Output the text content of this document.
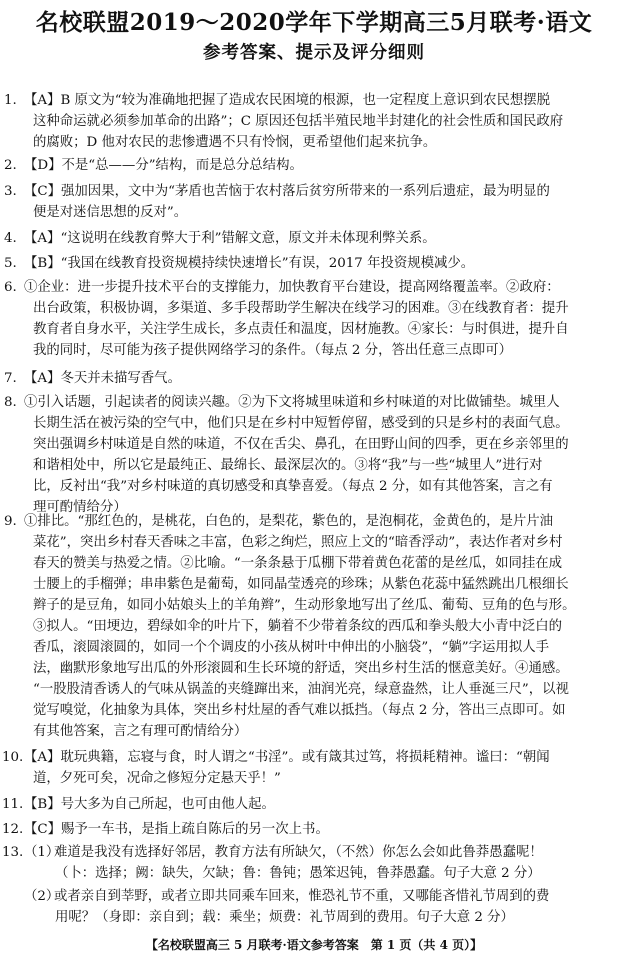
名校联盟2019～2020学年下学期高三5月联考·语文
参考答案、提示及评分细则
1. 【A】B 原文为“较为准确地把握了造成农民困境的根源，也一定程度上意识到农民想摆脱
这种命运就必须参加革命的出路”；C 原因还包括半殖民地半封建化的社会性质和国民政府
的腐败；D 他对农民的悲惨遭遇不只有怜悯，更希望他们起来抗争。
2. 【D】不是“总——分”结构，而是总分总结构。
3. 【C】强加因果，文中为“茅盾也苦恼于农村落后贫穷所带来的一系列后遗症，最为明显的
便是对迷信思想的反对”。
4. 【A】“这说明在线教育弊大于利”错解文意，原文并未体现利弊关系。
5. 【B】“我国在线教育投资规模持续快速增长”有误，2017 年投资规模减少。
6. ①企业：进一步提升技术平台的支撑能力，加快教育平台建设，提高网络覆盖率。②政府：
出台政策，积极协调，多渠道、多手段帮助学生解决在线学习的困难。③在线教育者：提升
教育者自身水平，关注学生成长，多点责任和温度，因材施教。④家长：与时俱进，提升自
我的同时，尽可能为孩子提供网络学习的条件。（每点 2 分，答出任意三点即可）
7. 【A】冬天并未描写香气。
8. ①引入话题，引起读者的阅读兴趣。②为下文将城里味道和乡村味道的对比做铺垫。城里人
长期生活在被污染的空气中，他们只是在乡村中短暂停留，感受到的只是乡村的表面气息。
突出强调乡村味道是自然的味道，不仅在舌尖、鼻孔，在田野山间的四季，更在乡亲邻里的
和谐相处中，所以它是最纯正、最绵长、最深层次的。③将“我”与一些“城里人”进行对
比，反衬出“我”对乡村味道的真切感受和真挚喜爱。（每点 2 分，如有其他答案，言之有
理可酌情给分）
9. ①排比。“那红色的，是桃花，白色的，是梨花，紫色的，是泡桐花，金黄色的，是片片油
菜花”，突出乡村春天香味之丰富，色彩之绚烂，照应上文的“暗香浮动”，表达作者对乡村
春天的赞美与热爱之情。②比喻。“一条条悬于瓜棚下带着黄色花蕾的是丝瓜，如同挂在成
士腰上的手榴弹；串串紫色是葡萄，如同晶莹透亮的珍珠；从紫色花蕊中猛然跳出几根细长
辫子的是豆角，如同小姑娘头上的羊角辫”，生动形象地写出了丝瓜、葡萄、豆角的色与形。
③拟人。“田埂边，碧绿如伞的叶片下，躺着不少带着条纹的西瓜和拳头般大小青中泛白的
香瓜，滚圆滚圆的，如同一个个调皮的小孩从树叶中伸出的小脑袋”，“躺”字运用拟人手
法，幽默形象地写出瓜的外形滚圆和生长环境的舒适，突出乡村生活的惬意美好。④通感。
“一股股清香诱人的气味从锅盖的夹缝蹿出来，油润光亮，绿意盎然，让人垂涎三尺”，以视
觉写嗅觉，化抽象为具体，突出乡村灶屋的香气难以抵挡。（每点 2 分，答出三点即可。如
有其他答案，言之有理可酌情给分）
10. 【A】耽玩典籍，忘寝与食，时人谓之“书淫”。或有箴其过笃，将损耗精神。谧曰：“朝闻
道，夕死可矣，况命之修短分定悬天乎！”
11. 【B】号大多为自己所起，也可由他人起。
12. 【C】赐予一车书，是指上疏自陈后的另一次上书。
13. （1）
难道是我没有选择好邻居，教育方法有所缺欠，（不然）你怎么会如此鲁莽愚蠢呢！
（卜：选择；阙：缺失，欠缺；鲁：鲁钝；愚笨迟钝，鲁莽愚蠢。句子大意 2 分）
（2）
或者亲自到莘野，或者立即共同乘车回来，惟恐礼节不重，又哪能吝惜礼节周到的费
用呢？（身即：亲自到；载：乘坐；烦费：礼节周到的费用。句子大意 2 分）
【名校联盟高三 5 月联考·语文参考答案　第 1 页（共 4 页）】
